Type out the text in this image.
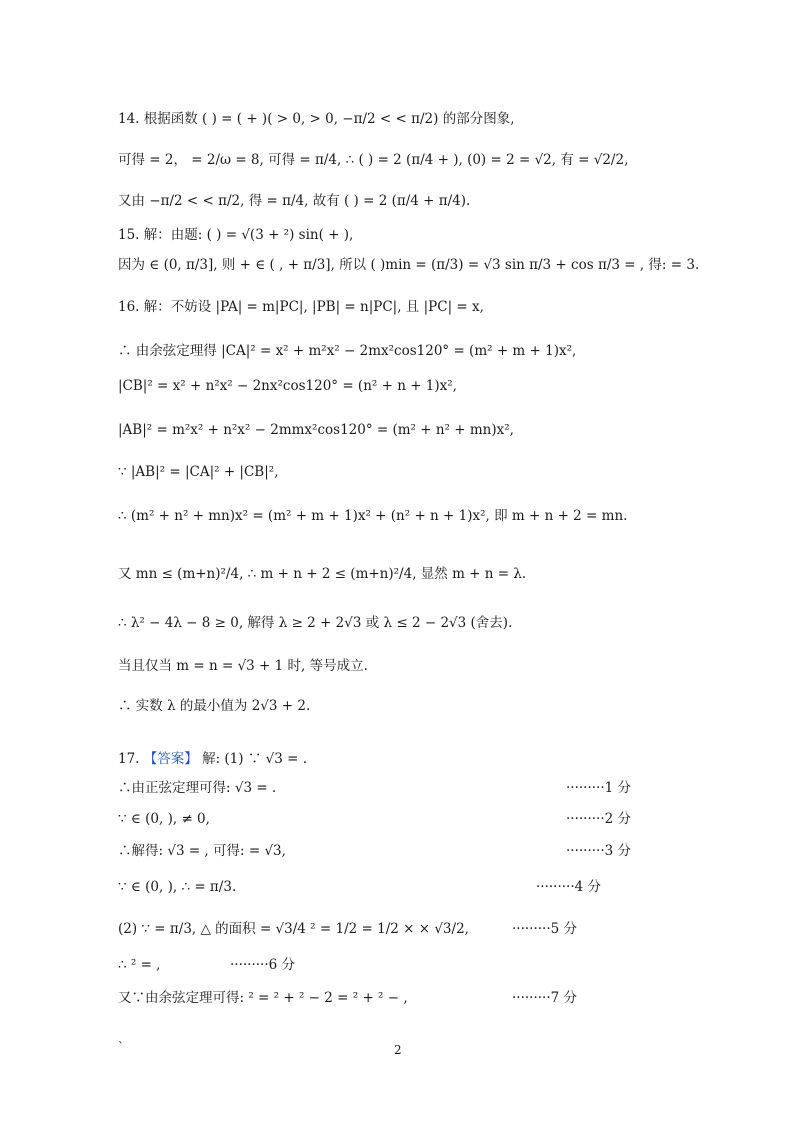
14. 根据函数 ( ) = ( + )( > 0, > 0, −π/2 < < π/2) 的部分图象,
可得 = 2， = 2/ω = 8, 可得 = π/4, ∴ ( ) = 2 (π/4 + ), (0) = 2 = √2, 有 = √2/2,
又由 −π/2 < < π/2, 得 = π/4, 故有 ( ) = 2 (π/4 + π/4).
15. 解：由题: ( ) = √(3 + ²) sin( + ),
因为 ∈ (0, π/3], 则 + ∈ ( , + π/3], 所以 ( )min = (π/3) = √3 sin π/3 + cos π/3 = , 得: = 3.
16. 解：不妨设 |PA| = m|PC|, |PB| = n|PC|, 且 |PC| = x,
∴ 由余弦定理得 |CA|² = x² + m²x² − 2mx²cos120° = (m² + m + 1)x²,
|CB|² = x² + n²x² − 2nx²cos120° = (n² + n + 1)x²,
|AB|² = m²x² + n²x² − 2mmx²cos120° = (m² + n² + mn)x²,
∵ |AB|² = |CA|² + |CB|²,
∴ (m² + n² + mn)x² = (m² + m + 1)x² + (n² + n + 1)x², 即 m + n + 2 = mn.
又 mn ≤ (m+n)²/4, ∴ m + n + 2 ≤ (m+n)²/4, 显然 m + n = λ.
∴ λ² − 4λ − 8 ≥ 0, 解得 λ ≥ 2 + 2√3 或 λ ≤ 2 − 2√3 (舍去).
当且仅当 m = n = √3 + 1 时, 等号成立.
∴ 实数 λ 的最小值为 2√3 + 2.
17. 【答案】 解: (1) ∵ √3 = .
∴由正弦定理可得: √3 = .	·········1 分
∵ ∈ (0, ), ≠ 0,	·········2 分
∴解得: √3 = , 可得: = √3,	·········3 分
∵ ∈ (0, ), ∴ = π/3.	·········4 分
(2) ∵ = π/3, △ 的面积 = √3/4 ² = 1/2 = 1/2 × × √3/2,	·········5 分
∴ ² = ,	·········6 分
又∵由余弦定理可得: ² = ² + ² − 2 = ² + ² − ,	·········7 分
`	2
